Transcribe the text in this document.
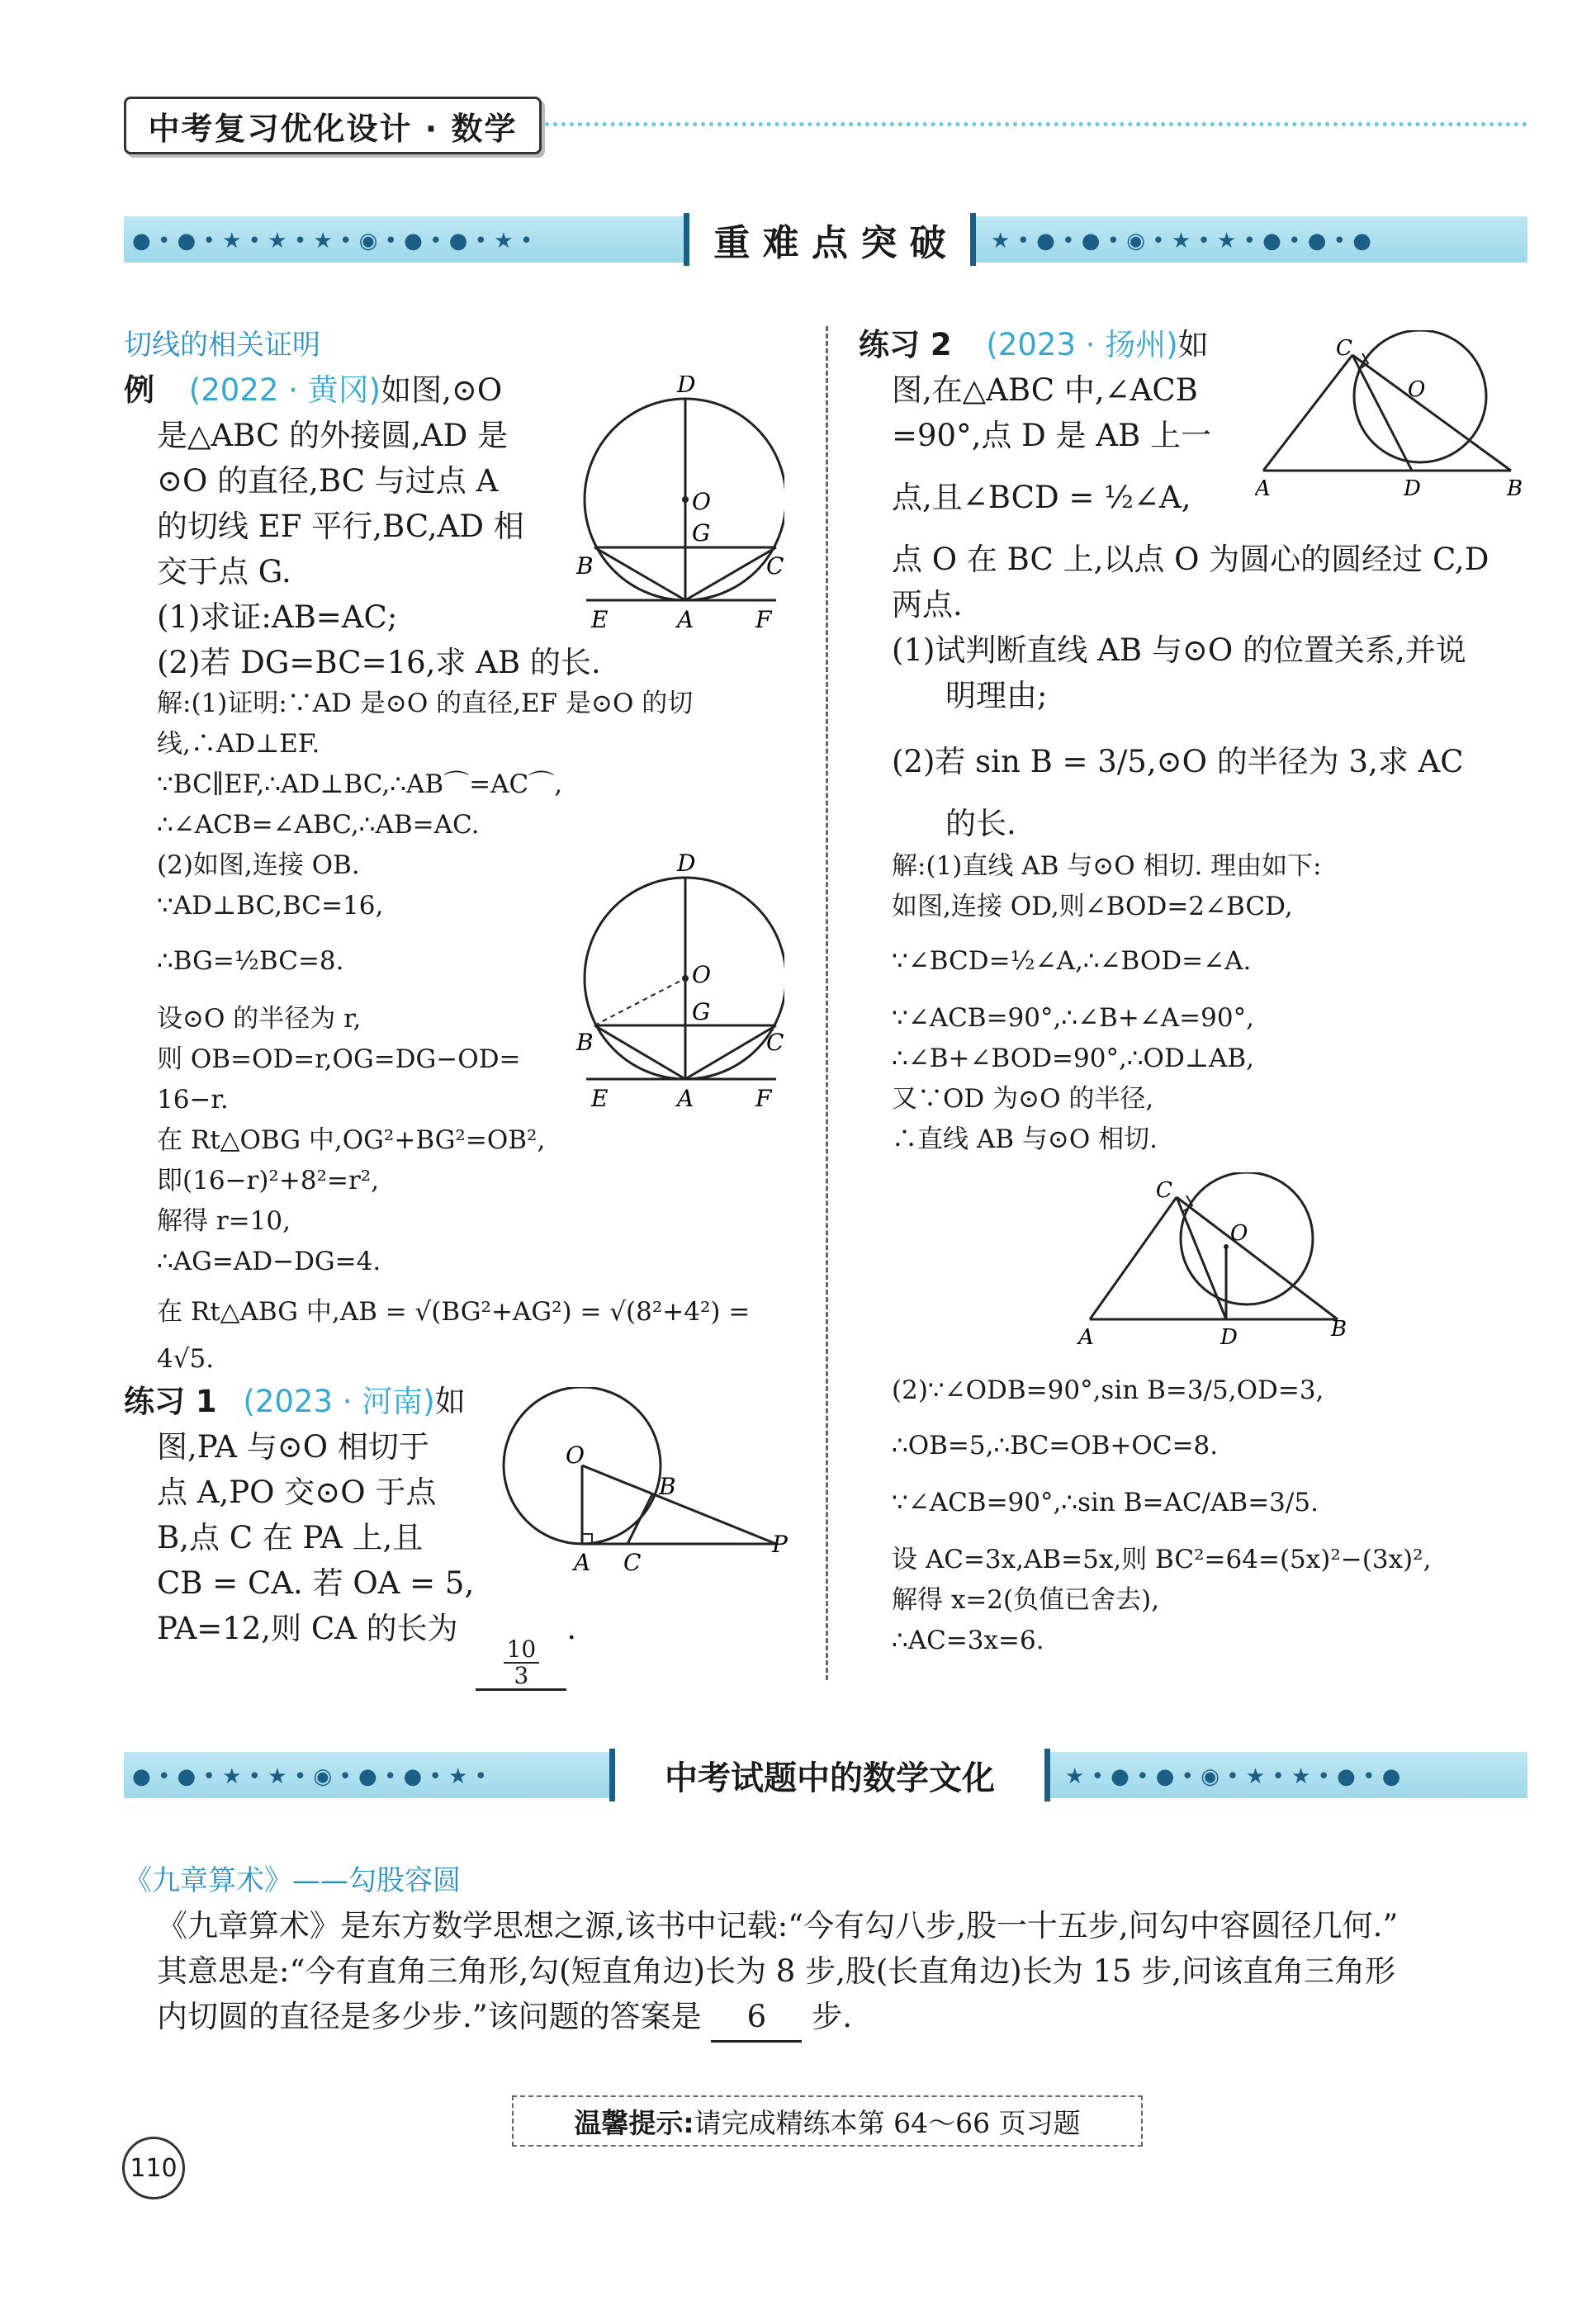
中考复习优化设计 · 数学
● • ● • ★ • ★ • ★ • ◉ • ● • ● • ★ •	重 难 点 突 破	★ • ● • ● • ◉ • ★ • ★ • ● • ● • ●
切线的相关证明
例 (2022 · 黄冈)如图,⊙O
是△ABC 的外接圆,AD 是
⊙O 的直径,BC 与过点 A
的切线 EF 平行,BC,AD 相
交于点 G.
(1)求证:AB=AC;
(2)若 DG=BC=16,求 AB 的长.
D
O
G
B	C
E	A	F
解:(1)证明:∵AD 是⊙O 的直径,EF 是⊙O 的切
线,∴AD⊥EF.
∵BC∥EF,∴AD⊥BC,∴AB⌒=AC⌒,
∴∠ACB=∠ABC,∴AB=AC.
(2)如图,连接 OB.
∵AD⊥BC,BC=16,
∴BG=½BC=8.
设⊙O 的半径为 r,
则 OB=OD=r,OG=DG−OD=
16−r.
在 Rt△OBG 中,OG²+BG²=OB²,
即(16−r)²+8²=r²,
解得 r=10,
∴AG=AD−DG=4.
在 Rt△ABG 中,AB = √(BG²+AG²) = √(8²+4²) =
4√5.
D
O
G
B	C
E	A	F
练习 1 (2023 · 河南)如
图,PA 与⊙O 相切于
点 A,PO 交⊙O 于点
B,点 C 在 PA 上,且
CB = CA. 若 OA = 5,
PA=12,则 CA 的长为
$\frac{10}{3}$
.
O
B
A C
P
练习 2 (2023 · 扬州)如
图,在△ABC 中,∠ACB
=90°,点 D 是 AB 上一
点,且∠BCD = ½∠A,
点 O 在 BC 上,以点 O 为圆心的圆经过 C,D
两点.
(1)试判断直线 AB 与⊙O 的位置关系,并说
明理由;
(2)若 sin B = 3/5,⊙O 的半径为 3,求 AC
的长.
C
O
A	D	B
解:(1)直线 AB 与⊙O 相切. 理由如下:
如图,连接 OD,则∠BOD=2∠BCD,
∵∠BCD=½∠A,∴∠BOD=∠A.
∵∠ACB=90°,∴∠B+∠A=90°,
∴∠B+∠BOD=90°,∴OD⊥AB,
又∵OD 为⊙O 的半径,
∴直线 AB 与⊙O 相切.
C
O
A	D	B
(2)∵∠ODB=90°,sin B=3/5,OD=3,
∴OB=5,∴BC=OB+OC=8.
∵∠ACB=90°,∴sin B=AC/AB=3/5.
设 AC=3x,AB=5x,则 BC²=64=(5x)²−(3x)²,
解得 x=2(负值已舍去),
∴AC=3x=6.
● • ● • ★ • ★ • ◉ • ● • ● • ★ •	中考试题中的数学文化	★ • ● • ● • ◉ • ★ • ★ • ● • ●
《九章算术》——勾股容圆
《九章算术》是东方数学思想之源,该书中记载:“今有勾八步,股一十五步,问勾中容圆径几何.”
其意思是:“今有直角三角形,勾(短直角边)长为 8 步,股(长直角边)长为 15 步,问该直角三角形
内切圆的直径是多少步.”该问题的答案是 6 步.
温馨提示: 请完成精练本第 64～66 页习题
110
